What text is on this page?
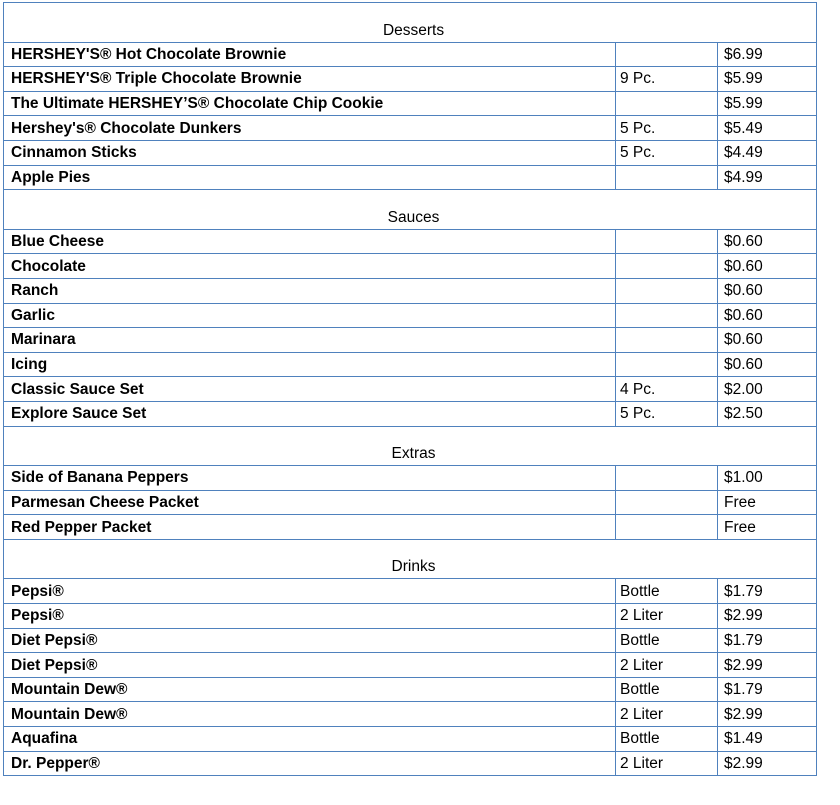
Desserts		
HERSHEY'S® Hot Chocolate Brownie		$6.99
HERSHEY'S® Triple Chocolate Brownie	9 Pc.	$5.99
The Ultimate HERSHEY’S® Chocolate Chip Cookie		$5.99
Hershey's® Chocolate Dunkers	5 Pc.	$5.49
Cinnamon Sticks	5 Pc.	$4.49
Apple Pies		$4.99

Sauces		
Blue Cheese		$0.60
Chocolate		$0.60
Ranch		$0.60
Garlic		$0.60
Marinara		$0.60
Icing		$0.60
Classic Sauce Set	4 Pc.	$2.00
Explore Sauce Set	5 Pc.	$2.50

Extras		
Side of Banana Peppers		$1.00
Parmesan Cheese Packet		Free
Red Pepper Packet		Free

Drinks		
Pepsi®	Bottle	$1.79
Pepsi®	2 Liter	$2.99
Diet Pepsi®	Bottle	$1.79
Diet Pepsi®	2 Liter	$2.99
Mountain Dew®	Bottle	$1.79
Mountain Dew®	2 Liter	$2.99
Aquafina	Bottle	$1.49
Dr. Pepper®	2 Liter	$2.99
